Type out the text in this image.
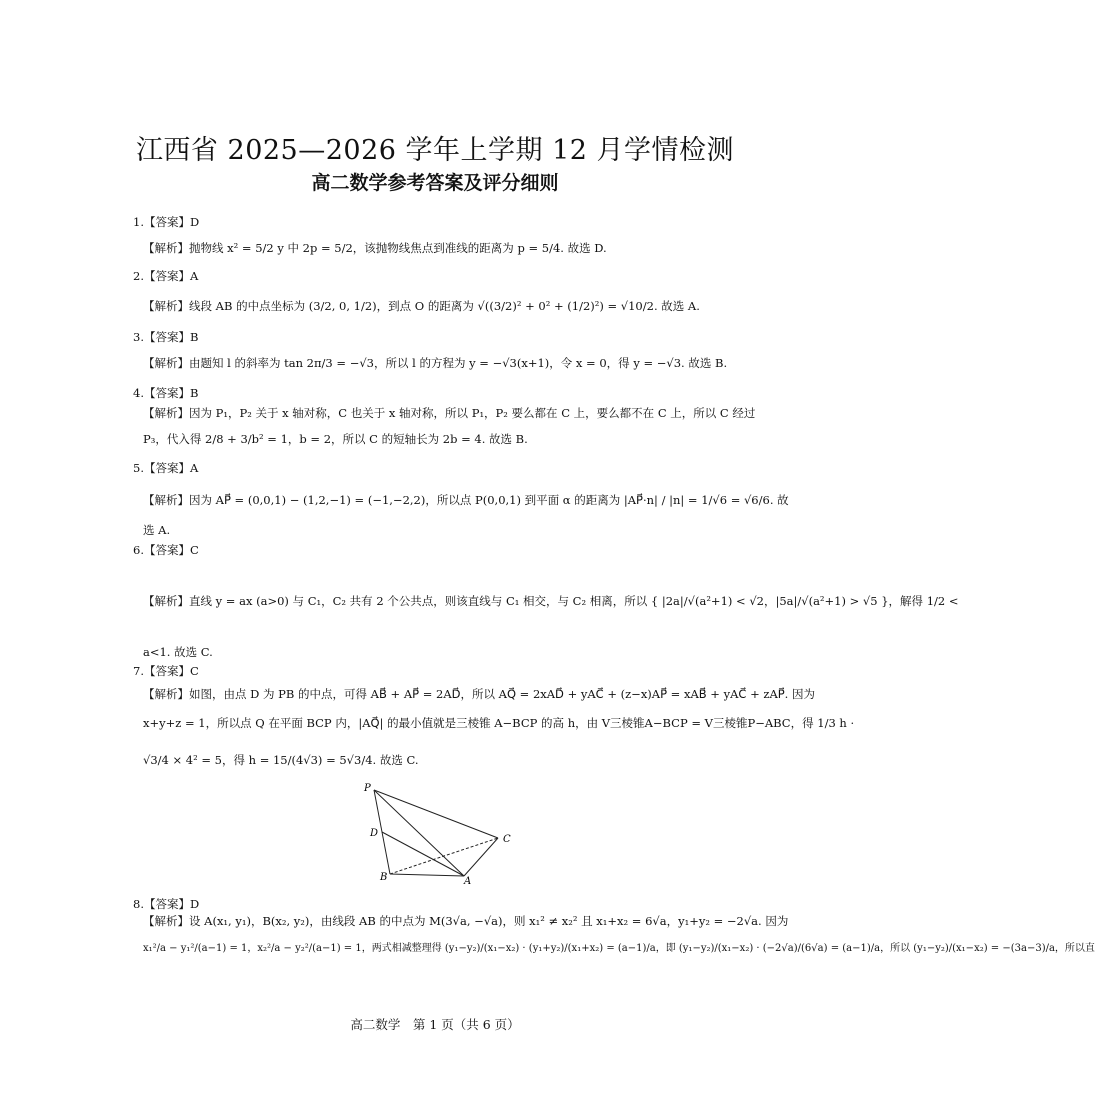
江西省 2025—2026 学年上学期 12 月学情检测
高二数学参考答案及评分细则
1.【答案】D
【解析】抛物线 x² = 5/2 y 中 2p = 5/2，该抛物线焦点到准线的距离为 p = 5/4. 故选 D.
2.【答案】A
【解析】线段 AB 的中点坐标为 (3/2, 0, 1/2)，到点 O 的距离为 √((3/2)² + 0² + (1/2)²) = √10/2. 故选 A.
3.【答案】B
【解析】由题知 l 的斜率为 tan 2π/3 = −√3，所以 l 的方程为 y = −√3(x+1)，令 x = 0，得 y = −√3. 故选 B.
4.【答案】B
【解析】因为 P₁，P₂ 关于 x 轴对称，C 也关于 x 轴对称，所以 P₁，P₂ 要么都在 C 上，要么都不在 C 上，所以 C 经过
P₃，代入得 2/8 + 3/b² = 1，b = 2，所以 C 的短轴长为 2b = 4. 故选 B.
5.【答案】A
【解析】因为 AP⃗ = (0,0,1) − (1,2,−1) = (−1,−2,2)，所以点 P(0,0,1) 到平面 α 的距离为 |AP⃗·n| / |n| = 1/√6 = √6/6. 故
选 A.
6.【答案】C
【解析】直线 y = ax (a>0) 与 C₁，C₂ 共有 2 个公共点，则该直线与 C₁ 相交，与 C₂ 相离，所以 { |2a|/√(a²+1) < √2，|5a|/√(a²+1) > √5 }，解得 1/2 <
a<1. 故选 C.
7.【答案】C
【解析】如图，由点 D 为 PB 的中点，可得 AB⃗ + AP⃗ = 2AD⃗，所以 AQ⃗ = 2xAD⃗ + yAC⃗ + (z−x)AP⃗ = xAB⃗ + yAC⃗ + zAP⃗. 因为
x+y+z = 1，所以点 Q 在平面 BCP 内，|AQ⃗| 的最小值就是三棱锥 A−BCP 的高 h，由 V三棱锥A−BCP = V三棱锥P−ABC，得 1/3 h ·
√3/4 × 4² = 5，得 h = 15/(4√3) = 5√3/4. 故选 C.
P
D
C
B	A
8.【答案】D
【解析】设 A(x₁, y₁)，B(x₂, y₂)，由线段 AB 的中点为 M(3√a, −√a)，则 x₁² ≠ x₂² 且 x₁+x₂ = 6√a，y₁+y₂ = −2√a. 因为
x₁²/a − y₁²/(a−1) = 1，x₂²/a − y₂²/(a−1) = 1，两式相减整理得 (y₁−y₂)/(x₁−x₂) · (y₁+y₂)/(x₁+x₂) = (a−1)/a，即 (y₁−y₂)/(x₁−x₂) · (−2√a)/(6√a) = (a−1)/a，所以 (y₁−y₂)/(x₁−x₂) = −(3a−3)/a，所以直
高二数学　第 1 页（共 6 页）
